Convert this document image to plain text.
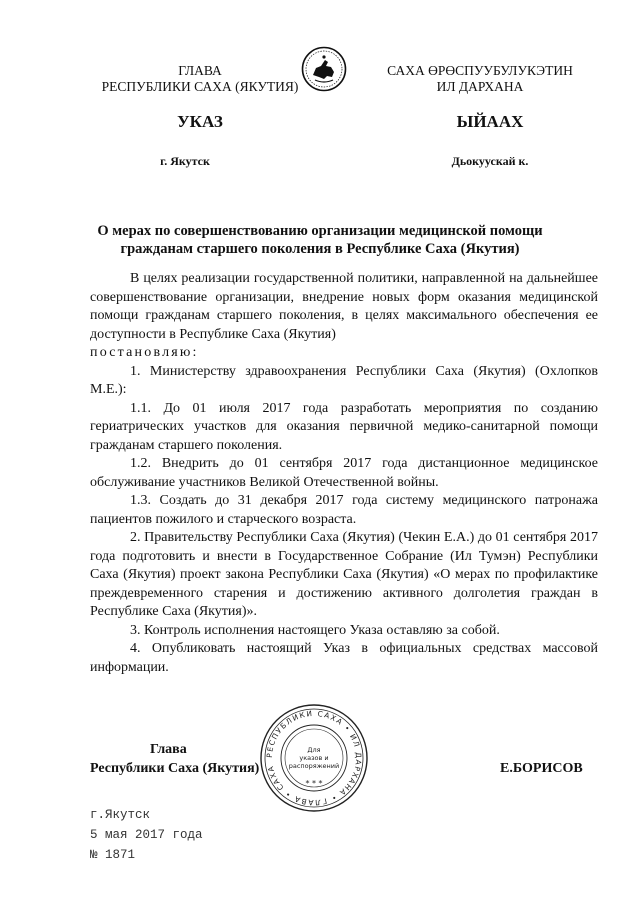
ГЛАВА
РЕСПУБЛИКИ САХА (ЯКУТИЯ)
САХА ӨРӨСПУУБУЛУКЭТИН
ИЛ ДАРХАНА
УКАЗ	ЫЙААХ
г. Якутск	Дьокуускай к.
О мерах по совершенствованию организации медицинской помощи
гражданам старшего поколения в Республике Саха (Якутия)

В целях реализации государственной политики, направленной на дальнейшее совершенствование организации, внедрение новых форм оказания медицинской помощи гражданам старшего поколения, в целях максимального обеспечения ее доступности в Республике Саха (Якутия)

постановляю:

1. Министерству здравоохранения Республики Саха (Якутия) (Охлопков М.Е.):

1.1. До 01 июля 2017 года разработать мероприятия по созданию гериатрических участков для оказания первичной медико-санитарной помощи гражданам старшего поколения.

1.2. Внедрить до 01 сентября 2017 года дистанционное медицинское обслуживание участников Великой Отечественной войны.

1.3. Создать до 31 декабря 2017 года систему медицинского патронажа пациентов пожилого и старческого возраста.

2. Правительству Республики Саха (Якутия) (Чекин Е.А.) до 01 сентября 2017 года подготовить и внести в Государственное Собрание (Ил Тумэн) Республики Саха (Якутия) проект закона Республики Саха (Якутия) «О мерах по профилактике преждевременного старения и достижению активного долголетия граждан в Республике Саха (Якутия)».

3. Контроль исполнения настоящего Указа оставляю за собой.

4. Опубликовать настоящий Указ в официальных средствах массовой информации.

РЕСПУБЛИКИ САХА • ИЛ ДАРХАНА • ГЛАВА • САХА
Для
указов и
распоряжений
* * *
Глава
Республики Саха (Якутия)	Е.БОРИСОВ
г.Якутск
5 мая 2017 года
№ 1871
